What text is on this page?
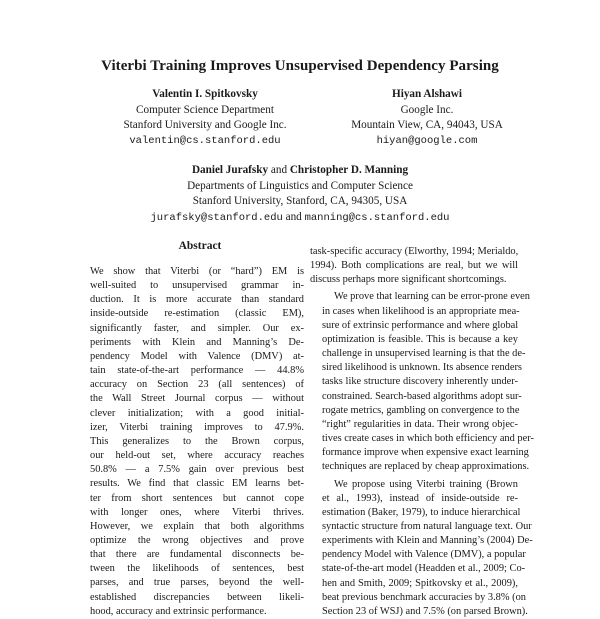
Viterbi Training Improves Unsupervised Dependency Parsing
Valentin I. Spitkovsky
Computer Science Department
Stanford University and Google Inc.
valentin@cs.stanford.edu
Hiyan Alshawi
Google Inc.
Mountain View, CA, 94043, USA
hiyan@google.com
Daniel Jurafsky and Christopher D. Manning
Departments of Linguistics and Computer Science
Stanford University, Stanford, CA, 94305, USA
jurafsky@stanford.edu and manning@cs.stanford.edu
Abstract

We show that Viterbi (or “hard”) EM is
well-suited to unsupervised grammar in-
duction. It is more accurate than standard
inside-outside re-estimation (classic EM),
significantly faster, and simpler. Our ex-
periments with Klein and Manning’s De-
pendency Model with Valence (DMV) at-
tain state-of-the-art performance — 44.8%
accuracy on Section 23 (all sentences) of
the Wall Street Journal corpus — without
clever initialization; with a good initial-
izer, Viterbi training improves to 47.9%.
This generalizes to the Brown corpus,
our held-out set, where accuracy reaches
50.8% — a 7.5% gain over previous best
results. We find that classic EM learns bet-
ter from short sentences but cannot cope
with longer ones, where Viterbi thrives.
However, we explain that both algorithms
optimize the wrong objectives and prove
that there are fundamental disconnects be-
tween the likelihoods of sentences, best
parses, and true parses, beyond the well-
established discrepancies between likeli-
hood, accuracy and extrinsic performance.

task-specific accuracy (Elworthy, 1994; Merialdo,
1994). Both complications are real, but we will
discuss perhaps more significant shortcomings.

We prove that learning can be error-prone even
in cases when likelihood is an appropriate mea-
sure of extrinsic performance and where global
optimization is feasible. This is because a key
challenge in unsupervised learning is that the de-
sired likelihood is unknown. Its absence renders
tasks like structure discovery inherently under-
constrained. Search-based algorithms adopt sur-
rogate metrics, gambling on convergence to the
“right” regularities in data. Their wrong objec-
tives create cases in which both efficiency and per-
formance improve when expensive exact learning
techniques are replaced by cheap approximations.

We propose using Viterbi training (Brown
et al., 1993), instead of inside-outside re-
estimation (Baker, 1979), to induce hierarchical
syntactic structure from natural language text. Our
experiments with Klein and Manning’s (2004) De-
pendency Model with Valence (DMV), a popular
state-of-the-art model (Headden et al., 2009; Co-
hen and Smith, 2009; Spitkovsky et al., 2009),
beat previous benchmark accuracies by 3.8% (on
Section 23 of WSJ) and 7.5% (on parsed Brown).
